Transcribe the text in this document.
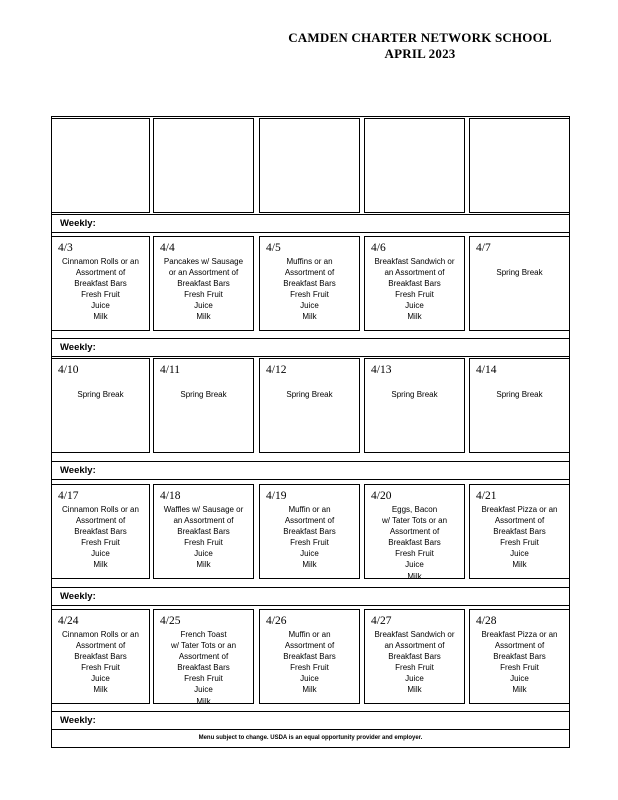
CAMDEN CHARTER NETWORK SCHOOL
APRIL 2023
Weekly:
4/3
Cinnamon Rolls or an
Assortment of
Breakfast Bars
Fresh Fruit
Juice
Milk
4/4
Pancakes w/ Sausage
or an Assortment of
Breakfast Bars
Fresh Fruit
Juice
Milk
4/5
Muffins or an
Assortment of
Breakfast Bars
Fresh Fruit
Juice
Milk
4/6
Breakfast Sandwich or
an Assortment of
Breakfast Bars
Fresh Fruit
Juice
Milk
4/7

Spring Break
Weekly:
4/10

Spring Break
4/11

Spring Break
4/12

Spring Break
4/13

Spring Break
4/14

Spring Break
Weekly:
4/17
Cinnamon Rolls or an
Assortment of
Breakfast Bars
Fresh Fruit
Juice
Milk
4/18
Waffles w/ Sausage or
an Assortment of
Breakfast Bars
Fresh Fruit
Juice
Milk
4/19
Muffin or an
Assortment of
Breakfast Bars
Fresh Fruit
Juice
Milk
4/20
Eggs, Bacon
w/ Tater Tots or an
Assortment of
Breakfast Bars
Fresh Fruit
Juice
Milk
4/21
Breakfast Pizza or an
Assortment of
Breakfast Bars
Fresh Fruit
Juice
Milk
Weekly:
4/24
Cinnamon Rolls or an
Assortment of
Breakfast Bars
Fresh Fruit
Juice
Milk
4/25
French Toast
w/ Tater Tots or an
Assortment of
Breakfast Bars
Fresh Fruit
Juice
Milk
4/26
Muffin or an
Assortment of
Breakfast Bars
Fresh Fruit
Juice
Milk
4/27
Breakfast Sandwich or
an Assortment of
Breakfast Bars
Fresh Fruit
Juice
Milk
4/28
Breakfast Pizza or an
Assortment of
Breakfast Bars
Fresh Fruit
Juice
Milk
Weekly:
Menu subject to change. USDA is an equal opportunity provider and employer.
